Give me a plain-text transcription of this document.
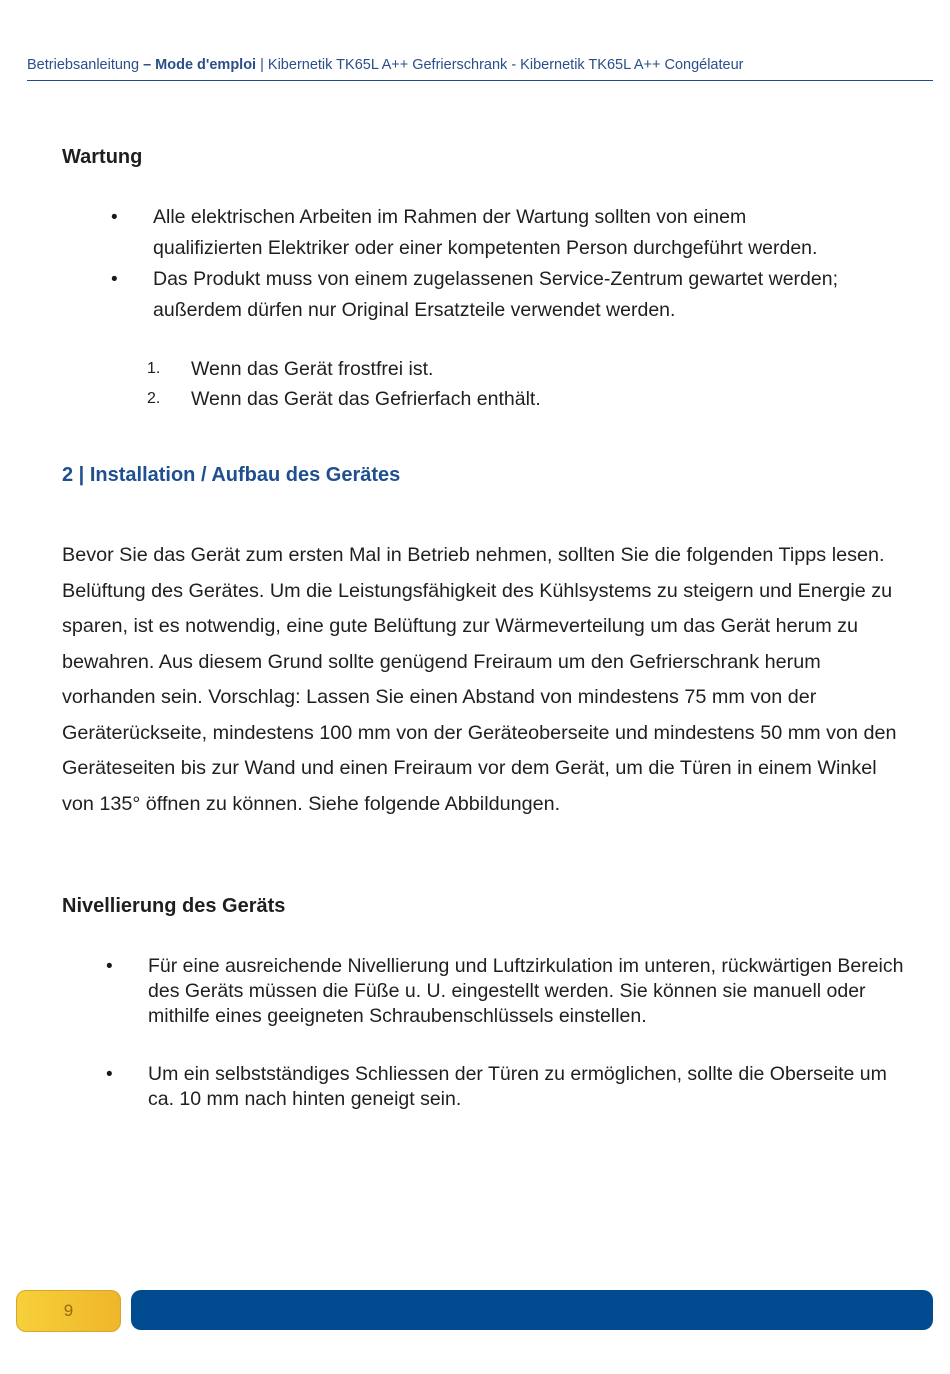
Betriebsanleitung – Mode d'emploi | Kibernetik TK65L A++ Gefrierschrank - Kibernetik TK65L A++ Congélateur
Wartung
• Alle elektrischen Arbeiten im Rahmen der Wartung sollten von einem qualifizierten Elektriker oder einer kompetenten Person durchgeführt werden.
• Das Produkt muss von einem zugelassenen Service-Zentrum gewartet werden; außerdem dürfen nur Original Ersatzteile verwendet werden.
1. Wenn das Gerät frostfrei ist.
2. Wenn das Gerät das Gefrierfach enthält.
2 | Installation / Aufbau des Gerätes

Bevor Sie das Gerät zum ersten Mal in Betrieb nehmen, sollten Sie die folgenden Tipps lesen. Belüftung des Gerätes. Um die Leistungsfähigkeit des Kühlsystems zu steigern und Energie zu sparen, ist es notwendig, eine gute Belüftung zur Wärmeverteilung um das Gerät herum zu bewahren. Aus diesem Grund sollte genügend Freiraum um den Gefrierschrank herum vorhanden sein. Vorschlag: Lassen Sie einen Abstand von mindestens 75 mm von der Geräterückseite, mindestens 100 mm von der Geräteoberseite und mindestens 50 mm von den Geräteseiten bis zur Wand und einen Freiraum vor dem Gerät, um die Türen in einem Winkel von 135° öffnen zu können. Siehe folgende Abbildungen.

Nivellierung des Geräts
• Für eine ausreichende Nivellierung und Luftzirkulation im unteren, rückwärtigen Bereich des Geräts müssen die Füße u. U. eingestellt werden. Sie können sie manuell oder mithilfe eines geeigneten Schraubenschlüssels einstellen.
• Um ein selbstständiges Schliessen der Türen zu ermöglichen, sollte die Oberseite um ca. 10 mm nach hinten geneigt sein.
9
